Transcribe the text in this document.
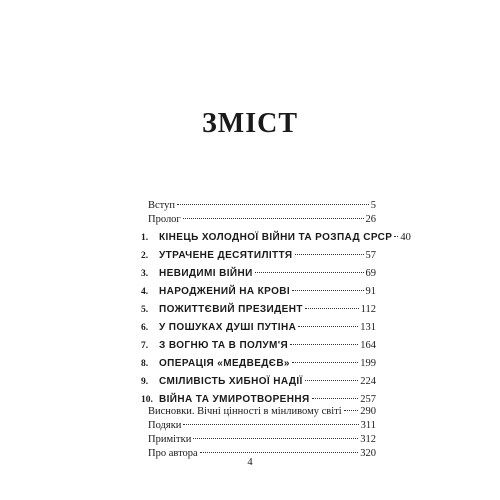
ЗМІСТ
Вступ	5
Пролог	26
1.	КІНЕЦЬ ХОЛОДНОЇ ВІЙНИ ТА РОЗПАД СРСР 40
2.	УТРАЧЕНЕ ДЕСЯТИЛІТТЯ	57
3.	НЕВИДИМІ ВІЙНИ	69
4.	НАРОДЖЕНИЙ НА КРОВІ	91
5.	ПОЖИТТЄВИЙ ПРЕЗИДЕНТ	112
6.	У ПОШУКАХ ДУШІ ПУТІНА	131
7.	З ВОГНЮ ТА В ПОЛУМ'Я	164
8.	ОПЕРАЦІЯ «МЕДВЕДЄВ»	199
9.	СМІЛИВІСТЬ ХИБНОЇ НАДІЇ	224
10. ВІЙНА ТА УМИРОТВОРЕННЯ	257
Висновки. Вічні цінності в мінливому світі 290
Подяки	311
Примітки	312
Про автора	320
4
